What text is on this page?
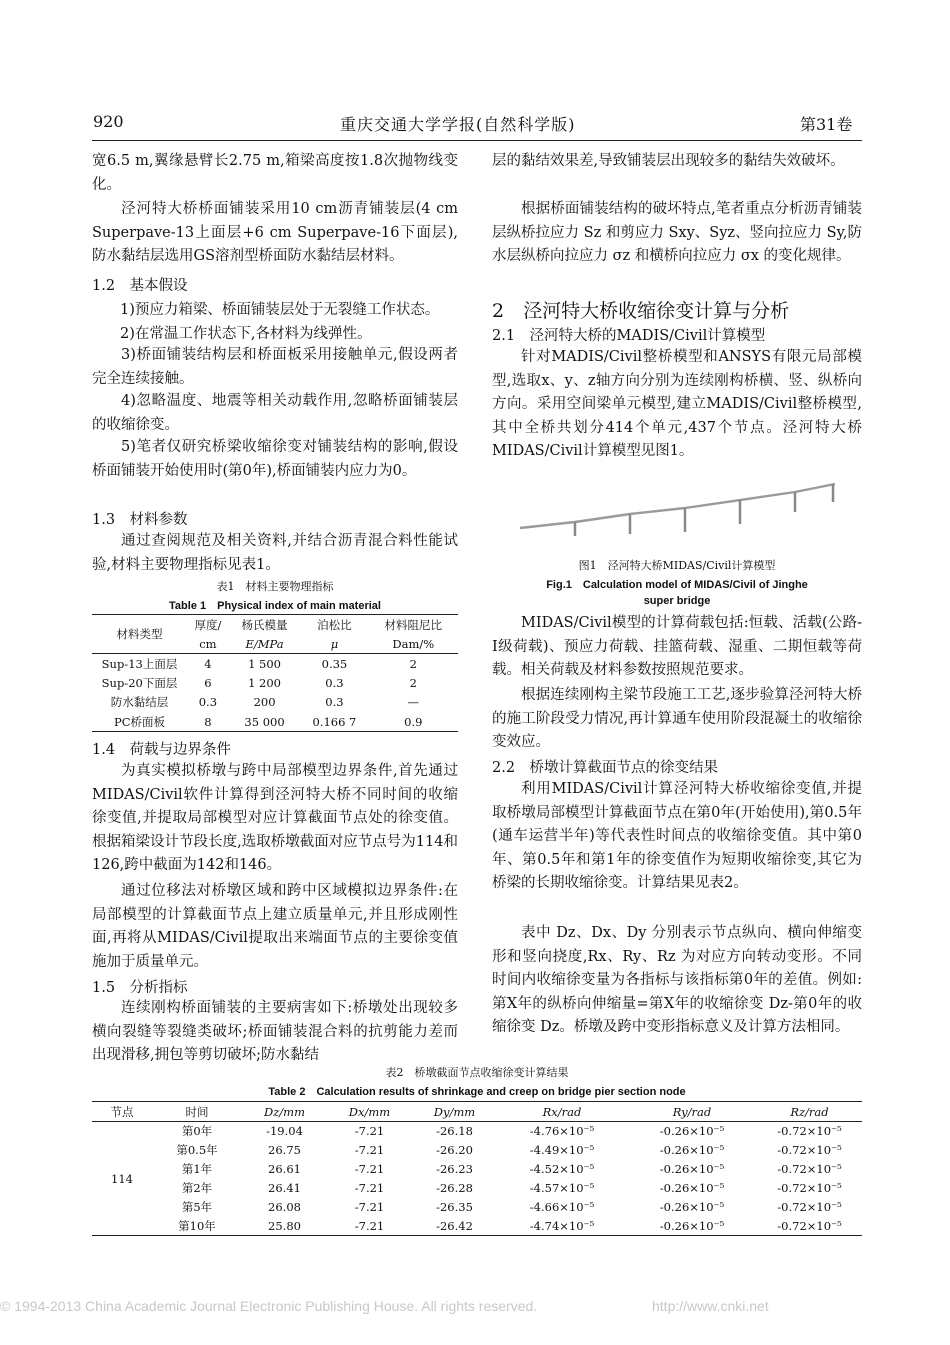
920	重庆交通大学学报(自然科学版)	第31卷
宽6.5 m,翼缘悬臂长2.75 m,箱梁高度按1.8次抛物线变化。
泾河特大桥桥面铺装采用10 cm沥青铺装层(4 cm Superpave-13上面层+6 cm Superpave-16下面层),防水黏结层选用GS溶剂型桥面防水黏结层材料。
1.2　基本假设
1)预应力箱梁、桥面铺装层处于无裂缝工作状态。
2)在常温工作状态下,各材料为线弹性。
3)桥面铺装结构层和桥面板采用接触单元,假设两者完全连续接触。
4)忽略温度、地震等相关动载作用,忽略桥面铺装层的收缩徐变。
5)笔者仅研究桥梁收缩徐变对铺装结构的影响,假设桥面铺装开始使用时(第0年),桥面铺装内应力为0。
1.3　材料参数
通过查阅规范及相关资料,并结合沥青混合料性能试验,材料主要物理指标见表1。
表1　材料主要物理指标
Table 1　Physical index of main material
材料类型	厚度/	杨氏模量	泊松比	材料阻尼比
	cm	E/MPa	μ	Dam/%
Sup-13上面层	4	1 500	0.35	2
Sup-20下面层	6	1 200	0.3	2
防水黏结层	0.3	200	0.3	—
PC桥面板	8	35 000	0.166 7	0.9
1.4　荷载与边界条件
为真实模拟桥墩与跨中局部模型边界条件,首先通过MIDAS/Civil软件计算得到泾河特大桥不同时间的收缩徐变值,并提取局部模型对应计算截面节点处的徐变值。根据箱梁设计节段长度,选取桥墩截面对应节点号为114和126,跨中截面为142和146。
通过位移法对桥墩区域和跨中区域模拟边界条件:在局部模型的计算截面节点上建立质量单元,并且形成刚性面,再将从MIDAS/Civil提取出来端面节点的主要徐变值施加于质量单元。
1.5　分析指标
连续刚构桥面铺装的主要病害如下:桥墩处出现较多横向裂缝等裂缝类破坏;桥面铺装混合料的抗剪能力差而出现滑移,拥包等剪切破坏;防水黏结
层的黏结效果差,导致铺装层出现较多的黏结失效破坏。
根据桥面铺装结构的破坏特点,笔者重点分析沥青铺装层纵桥拉应力 Sz 和剪应力 Sxy、Syz、竖向拉应力 Sy,防水层纵桥向拉应力 σz 和横桥向拉应力 σx 的变化规律。
2　泾河特大桥收缩徐变计算与分析
2.1　泾河特大桥的MADIS/Civil计算模型
针对MADIS/Civil整桥模型和ANSYS有限元局部模型,选取x、y、z轴方向分别为连续刚构桥横、竖、纵桥向方向。采用空间梁单元模型,建立MADIS/Civil整桥模型,其中全桥共划分414个单元,437个节点。泾河特大桥MIDAS/Civil计算模型见图1。
图1　泾河特大桥MIDAS/Civil计算模型
Fig.1　Calculation model of MIDAS/Civil of Jinghe
super bridge
MIDAS/Civil模型的计算荷载包括:恒载、活载(公路-I级荷载)、预应力荷载、挂篮荷载、湿重、二期恒载等荷载。相关荷载及材料参数按照规范要求。
根据连续刚构主梁节段施工工艺,逐步验算泾河特大桥的施工阶段受力情况,再计算通车使用阶段混凝土的收缩徐变效应。
2.2　桥墩计算截面节点的徐变结果
利用MIDAS/Civil计算泾河特大桥收缩徐变值,并提取桥墩局部模型计算截面节点在第0年(开始使用),第0.5年(通车运营半年)等代表性时间点的收缩徐变值。其中第0年、第0.5年和第1年的徐变值作为短期收缩徐变,其它为桥梁的长期收缩徐变。计算结果见表2。
表中 Dz、Dx、Dy 分别表示节点纵向、横向伸缩变形和竖向挠度,Rx、Ry、Rz 为对应方向转动变形。不同时间内收缩徐变量为各指标与该指标第0年的差值。例如:第X年的纵桥向伸缩量=第X年的收缩徐变 Dz-第0年的收缩徐变 Dz。桥墩及跨中变形指标意义及计算方法相同。
表2　桥墩截面节点收缩徐变计算结果
Table 2　Calculation results of shrinkage and creep on bridge pier section node
节点	时间	Dz/mm	Dx/mm	Dy/mm	Rx/rad	Ry/rad	Rz/rad
114	第0年	-19.04	-7.21	-26.18	-4.76×10⁻⁵	-0.26×10⁻⁵	-0.72×10⁻⁵
	第0.5年	26.75	-7.21	-26.20	-4.49×10⁻⁵	-0.26×10⁻⁵	-0.72×10⁻⁵
	第1年	26.61	-7.21	-26.23	-4.52×10⁻⁵	-0.26×10⁻⁵	-0.72×10⁻⁵
	第2年	26.41	-7.21	-26.28	-4.57×10⁻⁵	-0.26×10⁻⁵	-0.72×10⁻⁵
	第5年	26.08	-7.21	-26.35	-4.66×10⁻⁵	-0.26×10⁻⁵	-0.72×10⁻⁵
	第10年	25.80	-7.21	-26.42	-4.74×10⁻⁵	-0.26×10⁻⁵	-0.72×10⁻⁵
© 1994-2013 China Academic Journal Electronic Publishing House. All rights reserved.	http://www.cnki.net
